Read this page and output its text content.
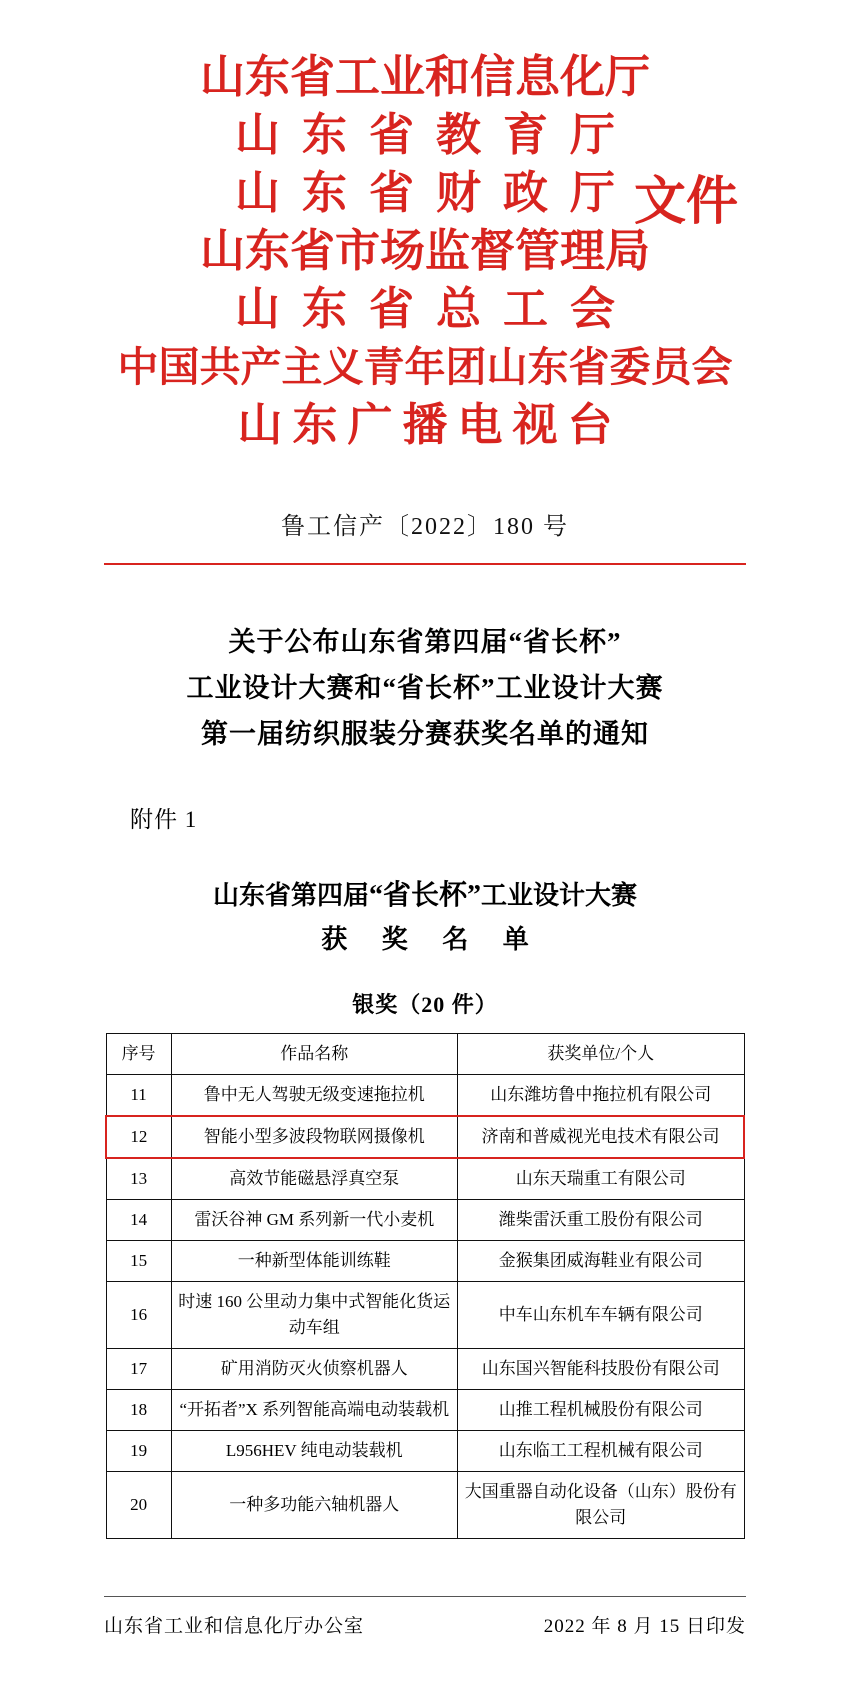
山东省工业和信息化厅
山东省教育厅
山东省财政厅
山东省市场监督管理局
山东省总工会
中国共产主义青年团山东省委员会
山东广播电视台
文件
鲁工信产〔2022〕180 号
关于公布山东省第四届“省长杯”
工业设计大赛和“省长杯”工业设计大赛
第一届纺织服装分赛获奖名单的通知
附件 1
山东省第四届“省长杯”工业设计大赛
获 奖 名 单
银奖（20 件）
序号	作品名称	获奖单位/个人
11	鲁中无人驾驶无级变速拖拉机	山东潍坊鲁中拖拉机有限公司
12	智能小型多波段物联网摄像机	济南和普威视光电技术有限公司
13	高效节能磁悬浮真空泵	山东天瑞重工有限公司
14	雷沃谷神 GM 系列新一代小麦机	潍柴雷沃重工股份有限公司
15	一种新型体能训练鞋	金猴集团威海鞋业有限公司
16	时速 160 公里动力集中式智能化货运动车组	中车山东机车车辆有限公司
17	矿用消防灭火侦察机器人	山东国兴智能科技股份有限公司
18	“开拓者”X 系列智能高端电动装载机	山推工程机械股份有限公司
19	L956HEV 纯电动装载机	山东临工工程机械有限公司
20	一种多功能六轴机器人	大国重器自动化设备（山东）股份有限公司
山东省工业和信息化厅办公室	2022 年 8 月 15 日印发
